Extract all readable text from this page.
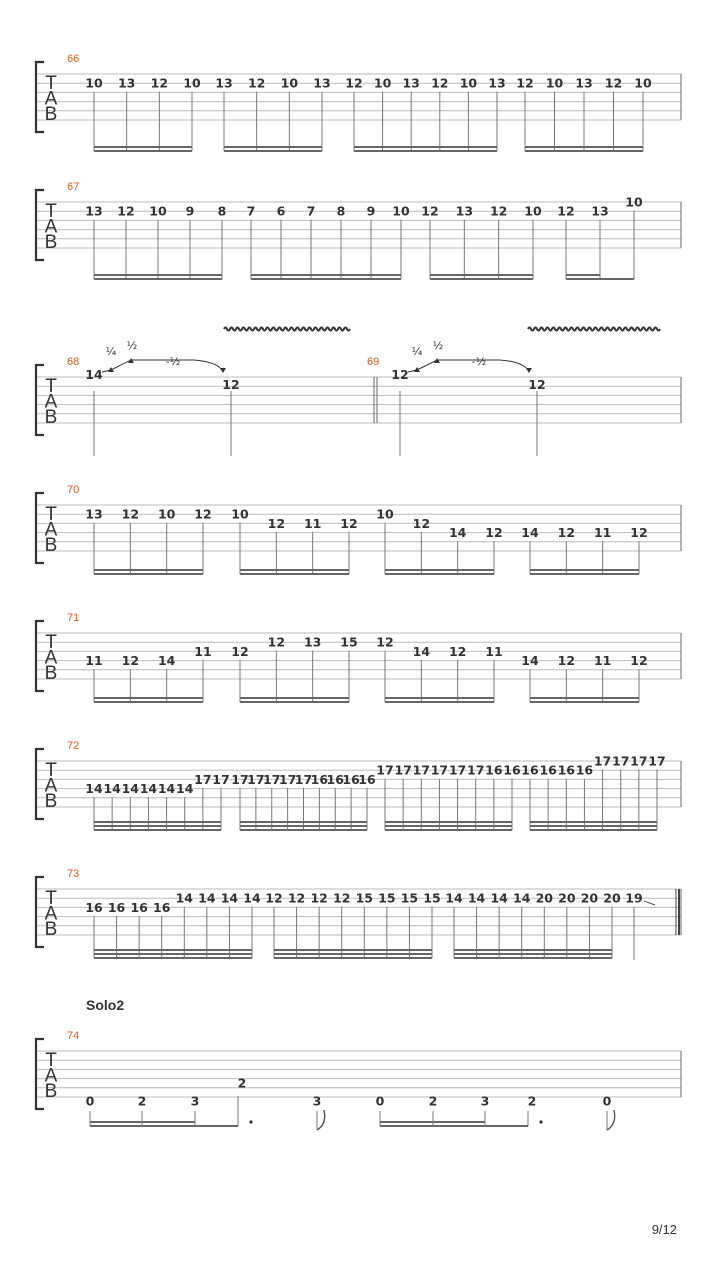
T
A
B
66
10 13 12 10 13 12 10 13 12 10 13 12 10 13 12 10 13 12 10
T
A
B
67
13 12 10 9 8 7 6 7 8 9 10 12 13 12 10 12 13
10
T
A
B
68	69
14
12
12
12
¼ ½
-½
¼ ½
-½
T
A
B
70
13 12 10 12 10
12 11 12
10
12
14 12 14 12 11 12
T
A
B
71
11 12 14
11 12
12 13 15 12
14 12 11
14 12 11 12
T
A
B
72
14 14 14 14 14 14
17 17 17
17
17
17
17
16
16
16
16
17 17 17 17 17 17 16 16 16 16 16 16
17 17 17 17
T
A
B
73
16 16 16 16
14 14 14 14 12 12 12 12 15 15 15 15 14 14 14 14 20 20 20 20 19
T
A
B
74
Solo2
0	2	3
2
3	0	2	3	2	0
9/12
